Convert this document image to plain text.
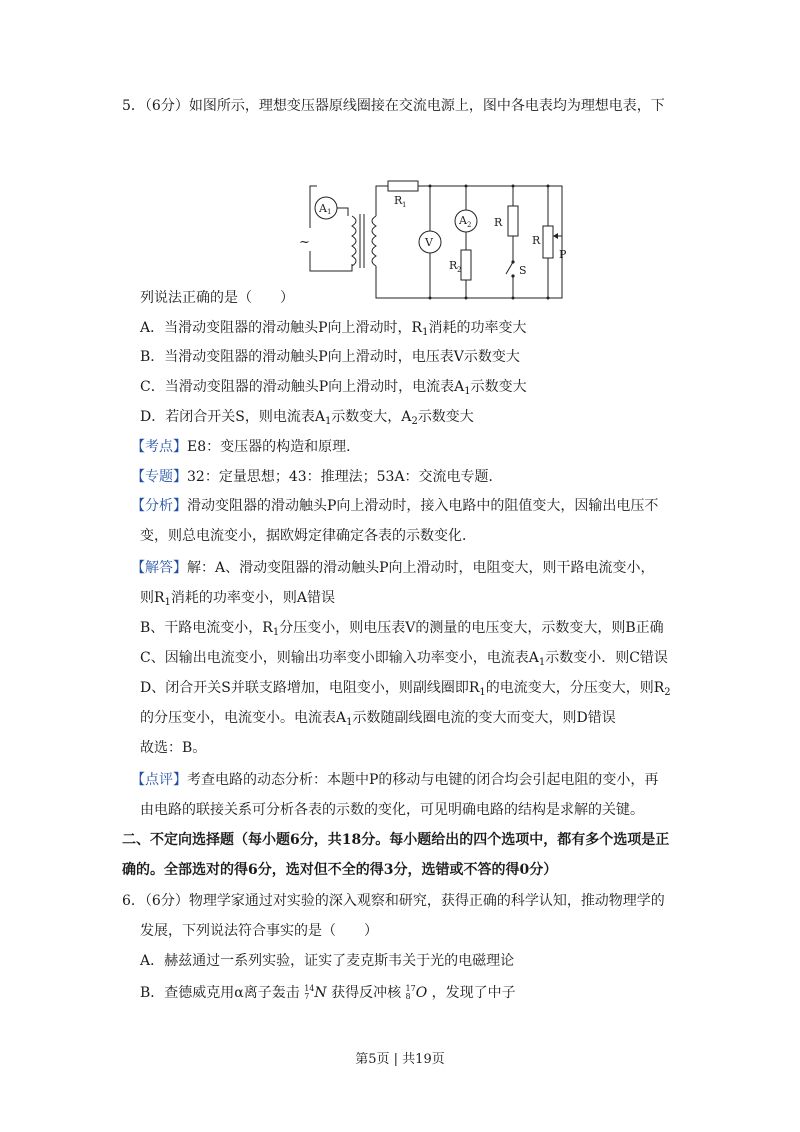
5．（6分）如图所示，理想变压器原线圈接在交流电源上，图中各电表均为理想电表，下
A 1
~
R 1
V
A 2
R 2
R
S
R
P
列说法正确的是（　　）
A．当滑动变阻器的滑动触头P向上滑动时，$R_1$消耗的功率变大
B．当滑动变阻器的滑动触头P向上滑动时，电压表V示数变大
C．当滑动变阻器的滑动触头P向上滑动时，电流表$A_1$示数变大
D．若闭合开关S，则电流表$A_1$示数变大，$A_2$示数变大
【考点】E8：变压器的构造和原理．
【专题】32：定量思想；43：推理法；53A：交流电专题．
【分析】滑动变阻器的滑动触头P向上滑动时，接入电路中的阻值变大，因输出电压不
变，则总电流变小，据欧姆定律确定各表的示数变化．
【解答】解：A、滑动变阻器的滑动触头P向上滑动时，电阻变大，则干路电流变小，
则$R_1$消耗的功率变小，则A错误
B、干路电流变小，$R_1$分压变小，则电压表V的测量的电压变大，示数变大，则B正确
C、因输出电流变小，则输出功率变小即输入功率变小，电流表$A_1$示数变小．则C错误
D、闭合开关S并联支路增加，电阻变小，则副线圈即$R_1$的电流变大，分压变大，则$R_2$
的分压变小，电流变小。电流表$A_1$示数随副线圈电流的变大而变大，则D错误
故选：B。
【点评】考查电路的动态分析：本题中P的移动与电键的闭合均会引起电阻的变小，再
由电路的联接关系可分析各表的示数的变化，可见明确电路的结构是求解的关键。
二、不定向选择题（每小题6分，共18分。每小题给出的四个选项中，都有多个选项是正
确的。全部选对的得6分，选对但不全的得3分，选错或不答的得0分）
6．（6分）物理学家通过对实验的深入观察和研究，获得正确的科学认知，推动物理学的
发展，下列说法符合事实的是（　　）
A．赫兹通过一系列实验，证实了麦克斯韦关于光的电磁理论
B．查德威克用α离子轰击 14
7 N 获得反冲核 17
8 O ，发现了中子
第5页 | 共19页
